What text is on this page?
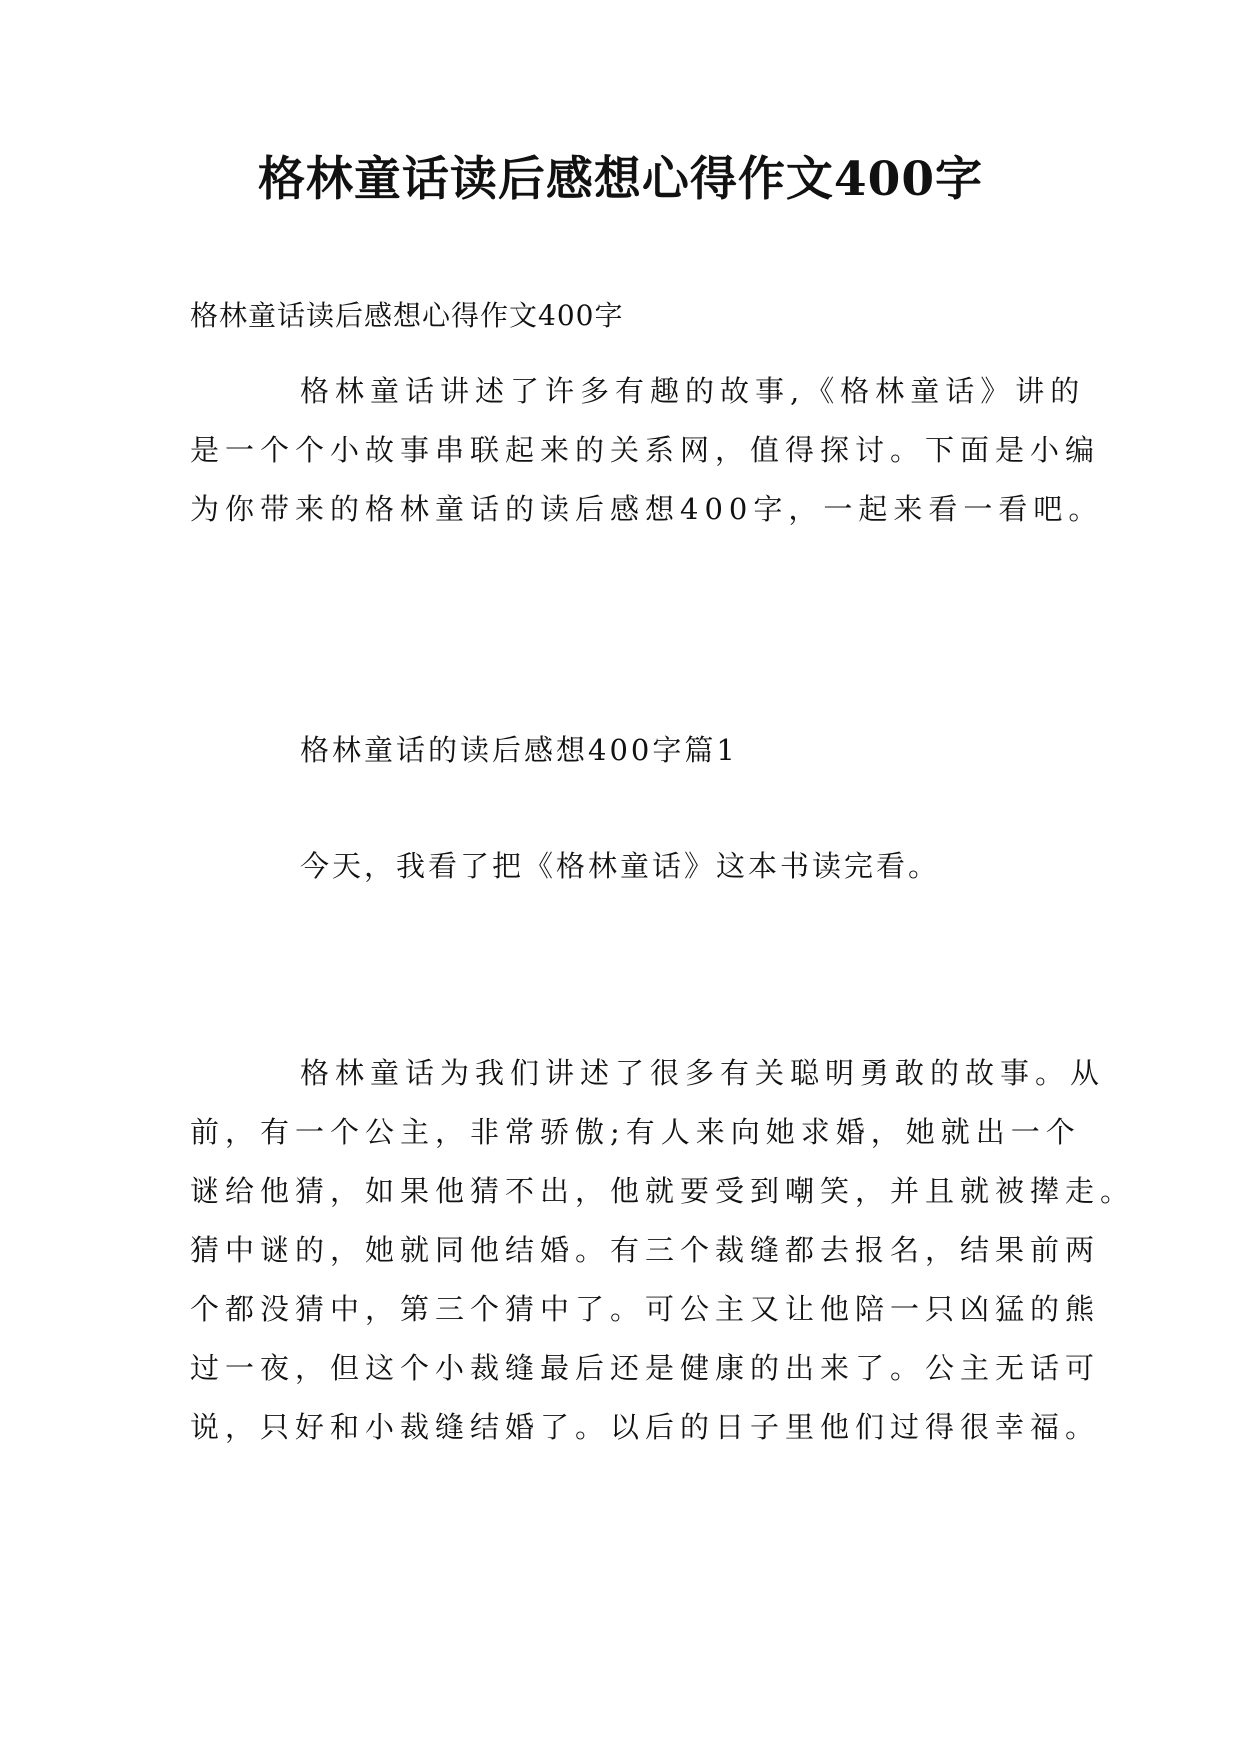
格林童话读后感想心得作文400字

格林童话读后感想心得作文400字

格林童话讲述了许多有趣的故事,《格林童话》讲的
是一个个小故事串联起来的关系网，值得探讨。下面是小编
为你带来的格林童话的读后感想400字，一起来看一看吧。

格林童话的读后感想400字篇1

今天，我看了把《格林童话》这本书读完看。

格林童话为我们讲述了很多有关聪明勇敢的故事。从
前，有一个公主，非常骄傲;有人来向她求婚，她就出一个
谜给他猜，如果他猜不出，他就要受到嘲笑，并且就被撵走。
猜中谜的，她就同他结婚。有三个裁缝都去报名，结果前两
个都没猜中，第三个猜中了。可公主又让他陪一只凶猛的熊
过一夜，但这个小裁缝最后还是健康的出来了。公主无话可
说，只好和小裁缝结婚了。以后的日子里他们过得很幸福。
